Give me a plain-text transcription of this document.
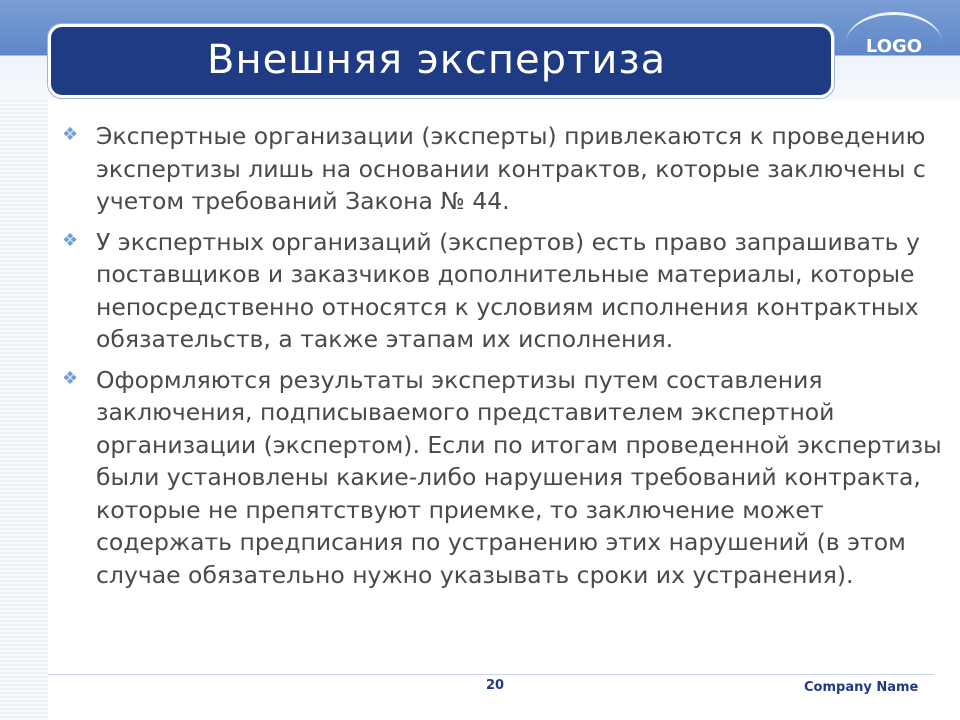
Внешняя экспертиза	LOGO
❖ Экспертные организации (эксперты) привлекаются к проведению экспертизы лишь на основании контрактов, которые заключены с учетом требований Закона № 44.
❖ У экспертных организаций (экспертов) есть право запрашивать у поставщиков и заказчиков дополнительные материалы, которые непосредственно относятся к условиям исполнения контрактных обязательств, а также этапам их исполнения.
❖ Оформляются результаты экспертизы путем составления заключения, подписываемого представителем экспертной организации (экспертом). Если по итогам проведенной экспертизы были установлены какие-либо нарушения требований контракта, которые не препятствуют приемке, то заключение может содержать предписания по устранению этих нарушений (в этом случае обязательно нужно указывать сроки их устранения).
20	Company Name
